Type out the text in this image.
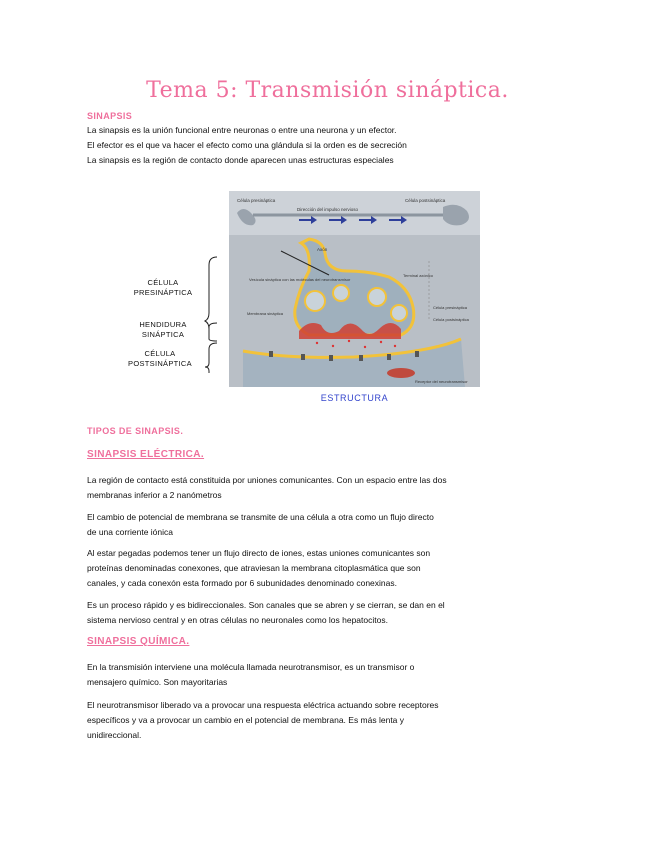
Tema 5: Transmisión sináptica.
SINAPSIS
La sinapsis es la unión funcional entre neuronas o entre una neurona y un efector.
El efector es el que va hacer el efecto como una glándula si la orden es de secreción
La sinapsis es la región de contacto donde aparecen unas estructuras especiales
CÉLULA
PRESINÁPTICA
HENDIDURA
SINÁPTICA
CÉLULA
POSTSINÁPTICA
Célula presináptica	Célula postsináptica
Dirección del impulso nervioso
Axón
Vesícula sináptica con las moléculas del neurotransmisor
Terminal axónico
Membrana sináptica
Célula presináptica
Célula postsináptica
Receptor del neurotransmisor
ESTRUCTURA
TIPOS DE SINAPSIS.
SINAPSIS ELÉCTRICA.
La región de contacto está constituida por uniones comunicantes. Con un espacio entre las dos
membranas inferior a 2 nanómetros
El cambio de potencial de membrana se transmite de una célula a otra como un flujo directo
de una corriente iónica
Al estar pegadas podemos tener un flujo directo de iones, estas uniones comunicantes son
proteínas denominadas conexones, que atraviesan la membrana citoplasmática que son
canales, y cada conexón esta formado por 6 subunidades denominado conexinas.
Es un proceso rápido y es bidireccionales. Son canales que se abren y se cierran, se dan en el
sistema nervioso central y en otras células no neuronales como los hepatocitos.
SINAPSIS QUÍMICA.
En la transmisión interviene una molécula llamada neurotransmisor, es un transmisor o
mensajero químico. Son mayoritarias
El neurotransmisor liberado va a provocar una respuesta eléctrica actuando sobre receptores
específicos y va a provocar un cambio en el potencial de membrana. Es más lenta y
unidireccional.
